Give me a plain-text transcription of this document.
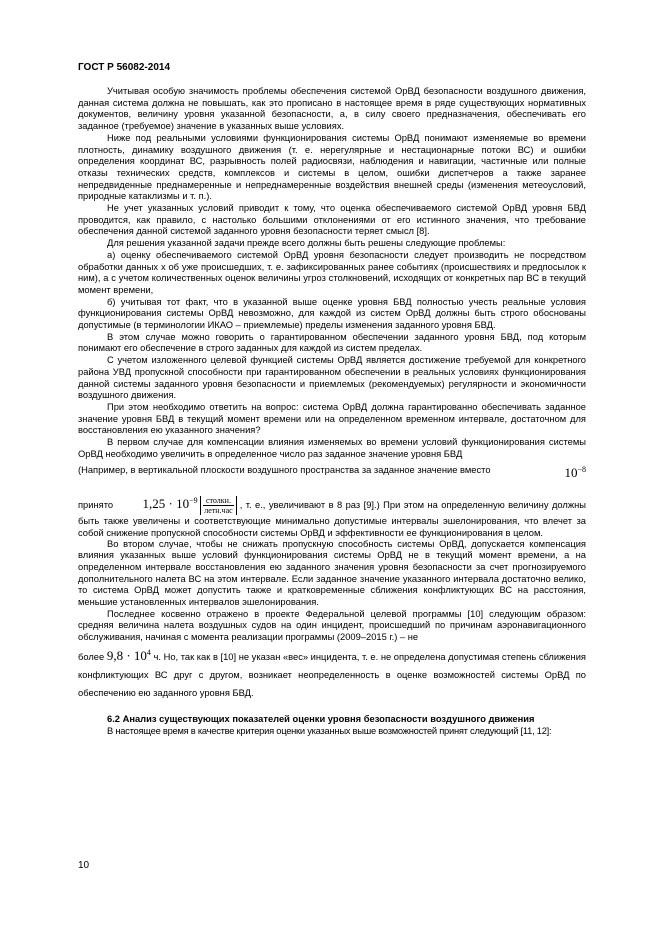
ГОСТ Р 56082-2014

Учитывая особую значимость проблемы обеспечения системой ОрВД безопасности воздушного движения, данная система должна не повышать, как это прописано в настоящее время в ряде существующих нормативных документов, величину уровня указанной безопасности, а, в силу своего предназначения, обеспечивать его заданное (требуемое) значение в указанных выше условиях.

Ниже под реальными условиями функционирования системы ОрВД понимают изменяемые во времени плотность, динамику воздушного движения (т. е. нерегулярные и нестационарные потоки ВС) и ошибки определения координат ВС, разрывность полей радиосвязи, наблюдения и навигации, частичные или полные отказы технических средств, комплексов и системы в целом, ошибки диспетчеров а также заранее непредвиденные преднамеренные и непреднамеренные воздействия внешней среды (изменения метеоусловий, природные катаклизмы и т. п.).

Не учет указанных условий приводит к тому, что оценка обеспечиваемого системой ОрВД уровня БВД проводится, как правило, с настолько большими отклонениями от его истинного значения, что требование обеспечения данной системой заданного уровня безопасности теряет смысл [8].

Для решения указанной задачи прежде всего должны быть решены следующие проблемы:

а) оценку обеспечиваемого системой ОрВД уровня безопасности следует производить не посредством обработки данных х об уже происшедших, т. е. зафиксированных ранее событиях (происшествиях и предпосылок к ним), а с учетом количественных оценок величины угроз столкновений, исходящих от конкретных пар ВС в текущий момент времени,

б) учитывая тот факт, что в указанной выше оценке уровня БВД полностью учесть реальные условия функционирования системы ОрВД невозможно, для каждой из систем ОрВД должны быть строго обоснованы допустимые (в терминологии ИКАО – приемлемые) пределы изменения заданного уровня БВД.

В этом случае можно говорить о гарантированном обеспечении заданного уровня БВД, под которым понимают его обеспечение в строго заданных для каждой из систем пределах.

С учетом изложенного целевой функцией системы ОрВД является достижение требуемой для конкретного района УВД пропускной способности при гарантированном обеспечении в реальных условиях функционирования данной системы заданного уровня безопасности и приемлемых (рекомендуемых) регулярности и экономичности воздушного движения.

При этом необходимо ответить на вопрос: система ОрВД должна гарантированно обеспечивать заданное значение уровня БВД в текущий момент времени или на определенном временном интервале, достаточном для восстановления ею указанного значения?

В первом случае для компенсации влияния изменяемых во времени условий функционирования системы ОрВД необходимо увеличить в определенное число раз заданное значение уровня БВД

(Например, в вертикальной плоскости воздушного пространства за заданное значение вместо	$10^{-8}$

принято $1,25 \cdot 10-9 \frac{\text{столкн.}}{\text{летн.час}}$ , т. е., увеличивают в 8 раз [9].) При этом на определенную величину должны быть также увеличены и соответствующие минимально допустимые интервалы эшелонирования, что влечет за собой снижение пропускной способности системы ОрВД и эффективности ее функционирования в целом.

Во втором случае, чтобы не снижать пропускную способность системы ОрВД, допускается компенсация влияния указанных выше условий функционирования системы ОрВД не в текущий момент времени, а на определенном интервале восстановления ею заданного значения уровня безопасности за счет прогнозируемого дополнительного налета ВС на этом интервале. Если заданное значение указанного интервала достаточно велико, то система ОрВД может допустить также и кратковременные сближения конфликтующих ВС на расстояния, меньшие установленных интервалов эшелонирования.

Последнее косвенно отражено в проекте Федеральной целевой программы [10] следующим образом: средняя величина налета воздушных судов на один инцидент, происшедший по причинам аэронавигационного обслуживания, начиная с момента реализации программы (2009–2015 г.) – не

более $9,8 \cdot 10^4$ ч. Но, так как в [10] не указан «вес» инцидента, т. е. не определена допустимая степень сближения конфликтующих ВС друг с другом, возникает неопределенность в оценке возможностей системы ОрВД по обеспечению ею заданного уровня БВД.

6.2 Анализ существующих показателей оценки уровня безопасности воздушного движения

В настоящее время в качестве критерия оценки указанных выше возможностей принят следующий [11, 12]:

10
